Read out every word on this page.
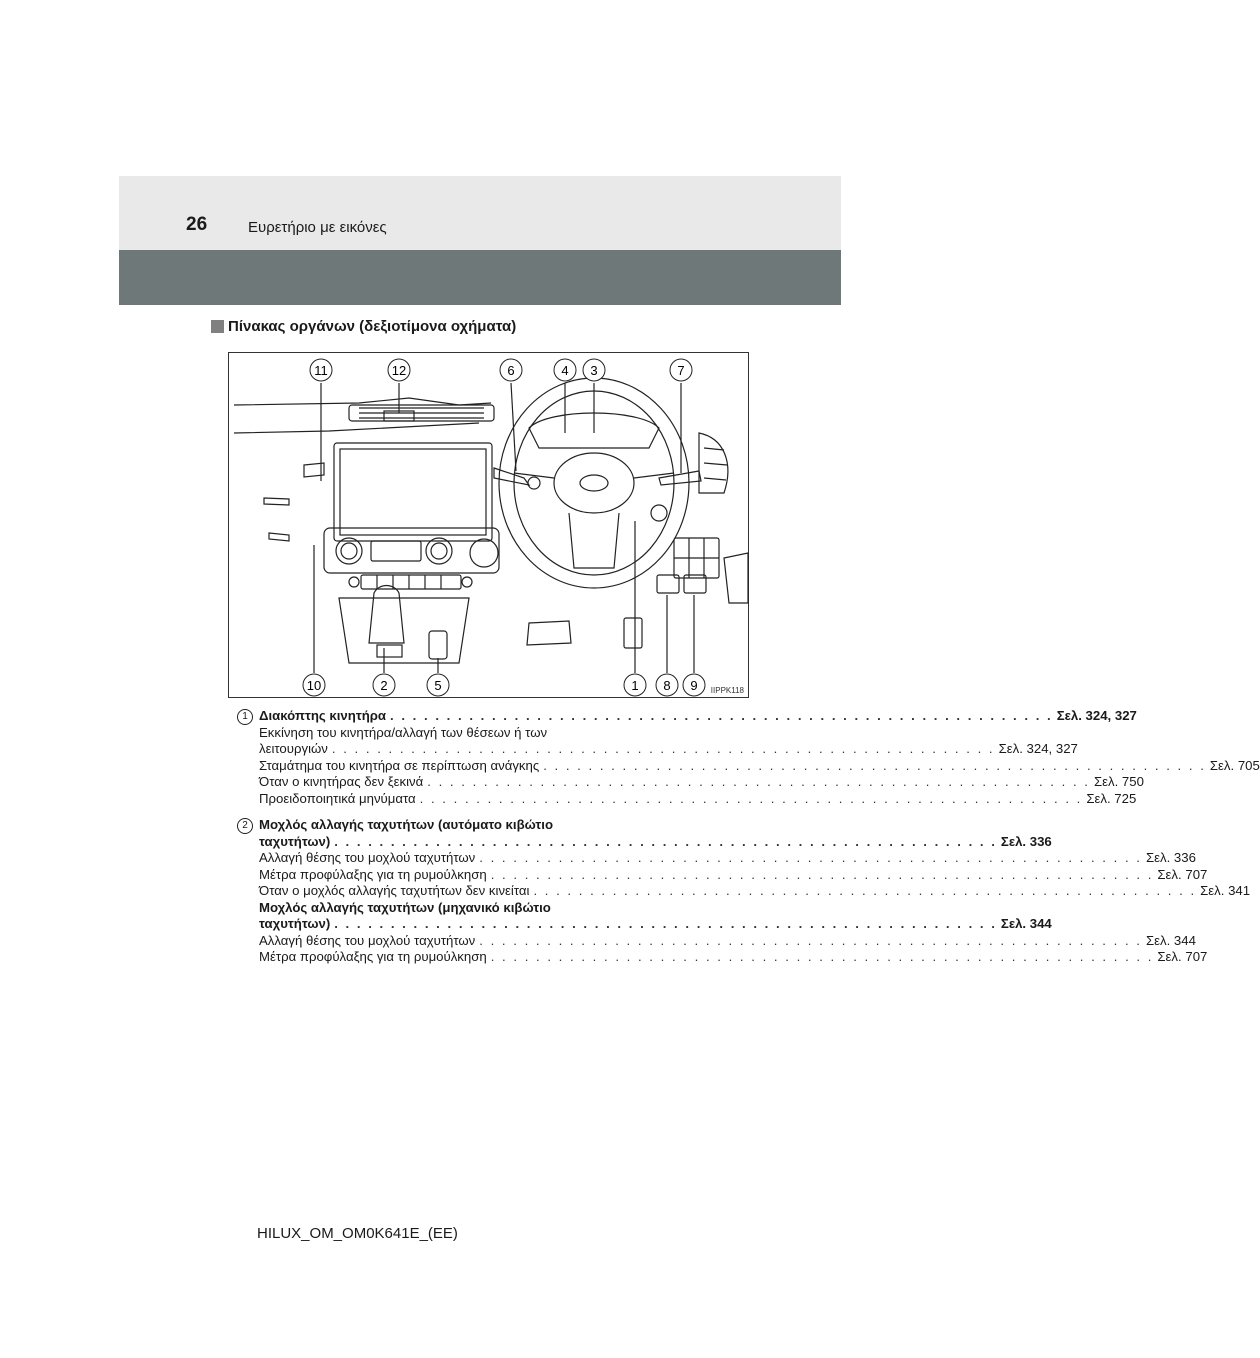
26	Ευρετήριο με εικόνες
Πίνακας οργάνων (δεξιοτίμονα οχήματα)
11	12	6	4 3	7
10	2	5	1 8 9 IIPPK118
1 Διακόπτης κινητήρα . . .	Σελ. 324, 327
Εκκίνηση του κινητήρα/αλλαγή των θέσεων ή των
λειτουργιών . . .	Σελ. 324, 327
Σταμάτημα του κινητήρα σε περίπτωση ανάγκης . . .	Σελ. 705
Όταν ο κινητήρας δεν ξεκινά . . .	Σελ. 750
Προειδοποιητικά μηνύματα . . .	Σελ. 725
2 Μοχλός αλλαγής ταχυτήτων (αυτόματο κιβώτιο
ταχυτήτων) . . .	Σελ. 336
Αλλαγή θέσης του μοχλού ταχυτήτων . . .	Σελ. 336
Μέτρα προφύλαξης για τη ρυμούλκηση . . .	Σελ. 707
Όταν ο μοχλός αλλαγής ταχυτήτων δεν κινείται . . .	Σελ. 341
Μοχλός αλλαγής ταχυτήτων (μηχανικό κιβώτιο
ταχυτήτων) . . .	Σελ. 344
Αλλαγή θέσης του μοχλού ταχυτήτων . . .	Σελ. 344
Μέτρα προφύλαξης για τη ρυμούλκηση . . .	Σελ. 707
HILUX_OM_OM0K641E_(EE)
